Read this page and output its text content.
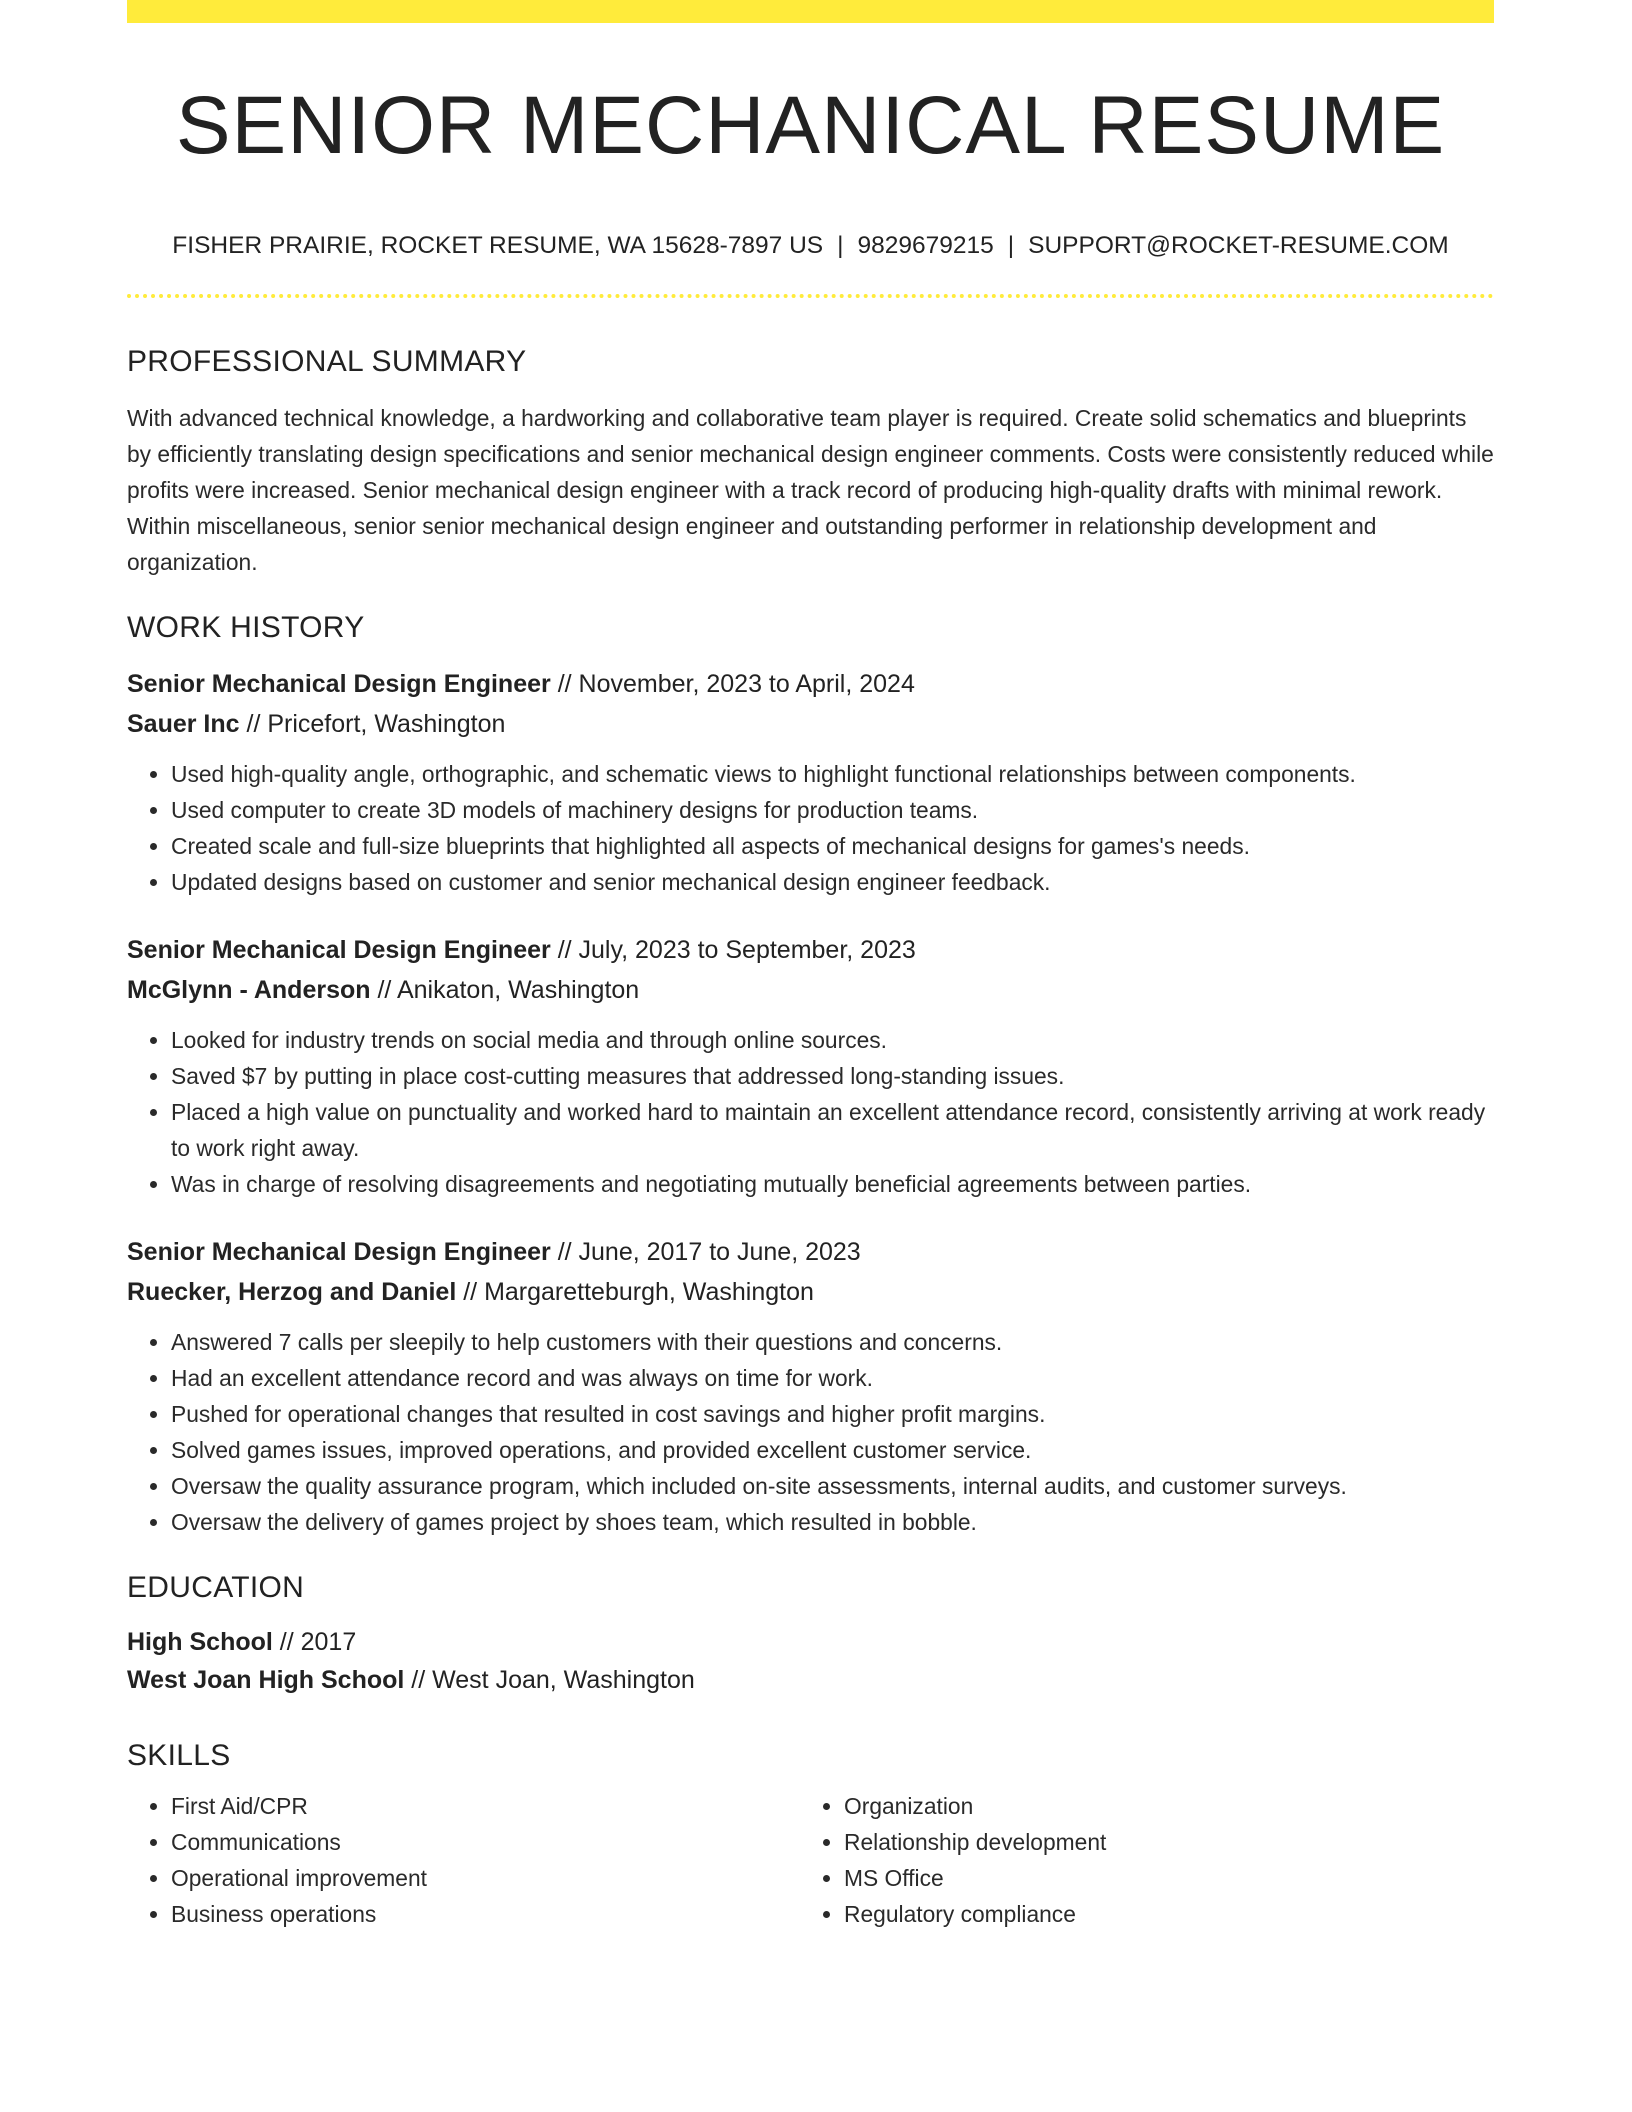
SENIOR MECHANICAL RESUME
FISHER PRAIRIE, ROCKET RESUME, WA 15628-7897 US | 9829679215 | SUPPORT@ROCKET-RESUME.COM
PROFESSIONAL SUMMARY
With advanced technical knowledge, a hardworking and collaborative team player is required. Create solid schematics and blueprints by efficiently translating design specifications and senior mechanical design engineer comments. Costs were consistently reduced while profits were increased. Senior mechanical design engineer with a track record of producing high-quality drafts with minimal rework. Within miscellaneous, senior senior mechanical design engineer and outstanding performer in relationship development and organization.
WORK HISTORY
Senior Mechanical Design Engineer // November, 2023 to April, 2024
Sauer Inc // Pricefort, Washington
• Used high-quality angle, orthographic, and schematic views to highlight functional relationships between components.
• Used computer to create 3D models of machinery designs for production teams.
• Created scale and full-size blueprints that highlighted all aspects of mechanical designs for games's needs.
• Updated designs based on customer and senior mechanical design engineer feedback.
Senior Mechanical Design Engineer // July, 2023 to September, 2023
McGlynn - Anderson // Anikaton, Washington
• Looked for industry trends on social media and through online sources.
• Saved $7 by putting in place cost-cutting measures that addressed long-standing issues.
• Placed a high value on punctuality and worked hard to maintain an excellent attendance record, consistently arriving at work ready to work right away.
• Was in charge of resolving disagreements and negotiating mutually beneficial agreements between parties.
Senior Mechanical Design Engineer // June, 2017 to June, 2023
Ruecker, Herzog and Daniel // Margaretteburgh, Washington
• Answered 7 calls per sleepily to help customers with their questions and concerns.
• Had an excellent attendance record and was always on time for work.
• Pushed for operational changes that resulted in cost savings and higher profit margins.
• Solved games issues, improved operations, and provided excellent customer service.
• Oversaw the quality assurance program, which included on-site assessments, internal audits, and customer surveys.
• Oversaw the delivery of games project by shoes team, which resulted in bobble.
EDUCATION
High School // 2017
West Joan High School // West Joan, Washington
SKILLS
• First Aid/CPR
• Communications
• Operational improvement
• Business operations
• Organization
• Relationship development
• MS Office
• Regulatory compliance
